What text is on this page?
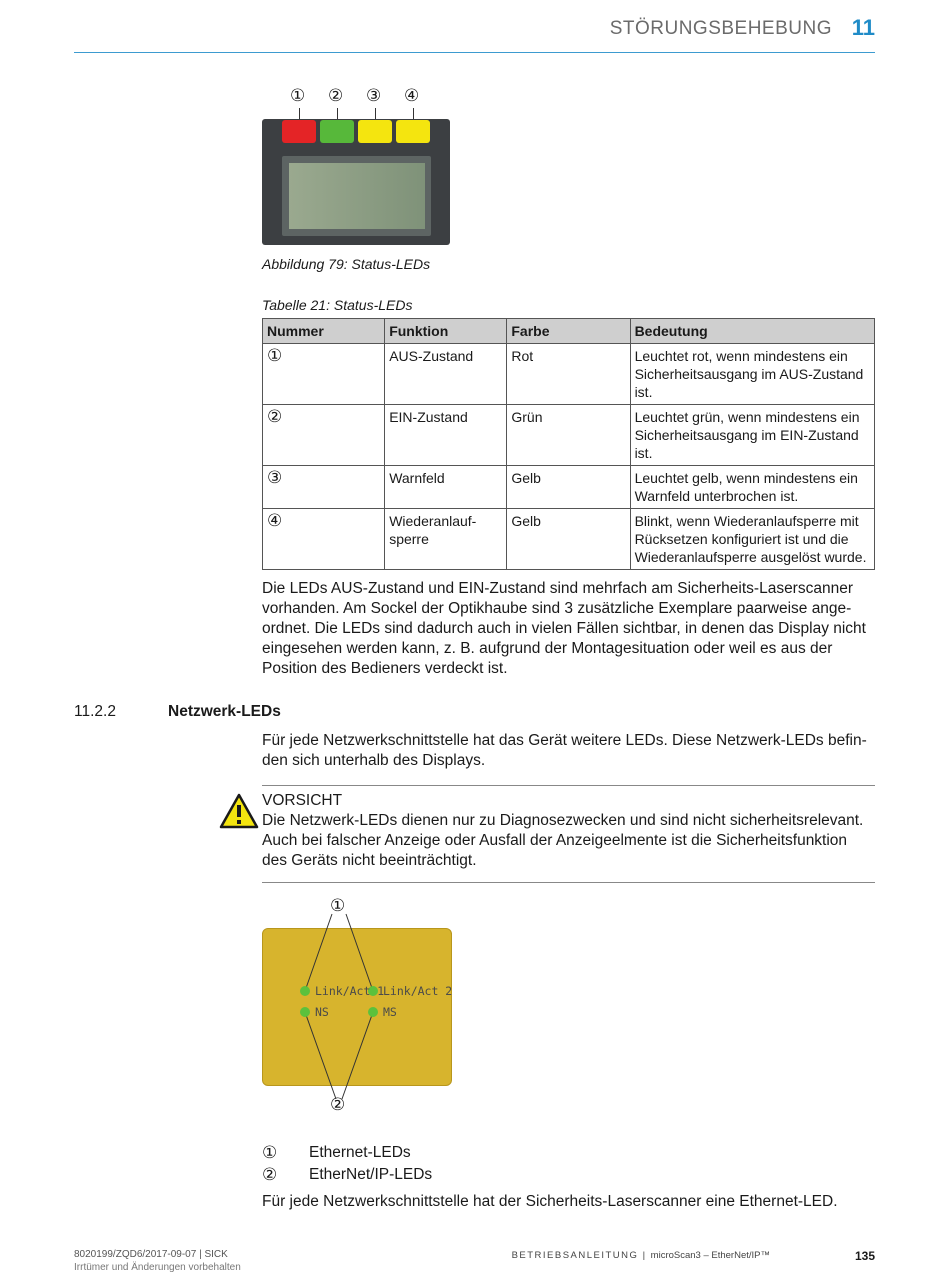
STÖRUNGSBEHEBUNG 11
① ② ③ ④
Abbildung 79: Status-LEDs
Tabelle 21: Status-LEDs
Nummer	Funktion	Farbe	Bedeutung
①	AUS-Zustand	Rot	Leuchtet rot, wenn mindestens ein Sicherheitsausgang im AUS-Zustand ist.
②	EIN-Zustand	Grün	Leuchtet grün, wenn mindestens ein Sicherheitsausgang im EIN-Zustand ist.
③	Warnfeld	Gelb	Leuchtet gelb, wenn mindestens ein Warnfeld unterbrochen ist.
④	Wiederanlauf-sperre	Gelb	Blinkt, wenn Wiederanlaufsperre mit Rücksetzen konfiguriert ist und die Wiederanlaufsperre ausgelöst wurde.
Die LEDs AUS-Zustand und EIN-Zustand sind mehrfach am Sicherheits-Laserscanner
vorhanden. Am Sockel der Optikhaube sind 3 zusätzliche Exemplare paarweise ange-
ordnet. Die LEDs sind dadurch auch in vielen Fällen sichtbar, in denen das Display nicht
eingesehen werden kann, z. B. aufgrund der Montagesituation oder weil es aus der
Position des Bedieners verdeckt ist.
11.2.2	Netzwerk-LEDs
Für jede Netzwerkschnittstelle hat das Gerät weitere LEDs. Diese Netzwerk-LEDs befin-
den sich unterhalb des Displays.
VORSICHT
Die Netzwerk-LEDs dienen nur zu Diagnosezwecken und sind nicht sicherheitsrelevant.
Auch bei falscher Anzeige oder Ausfall der Anzeigeelmente ist die Sicherheitsfunktion
des Geräts nicht beeinträchtigt.
①
②
Link/Act 1
Link/Act 2
NS	MS
① Ethernet-LEDs
② EtherNet/IP-LEDs
Für jede Netzwerkschnittstelle hat der Sicherheits-Laserscanner eine Ethernet-LED.
8020199/ZQD6/2017-09-07 | SICK
Irrtümer und Änderungen vorbehalten
BETRIEBSANLEITUNG | microScan3 – EtherNet/IP™	135
